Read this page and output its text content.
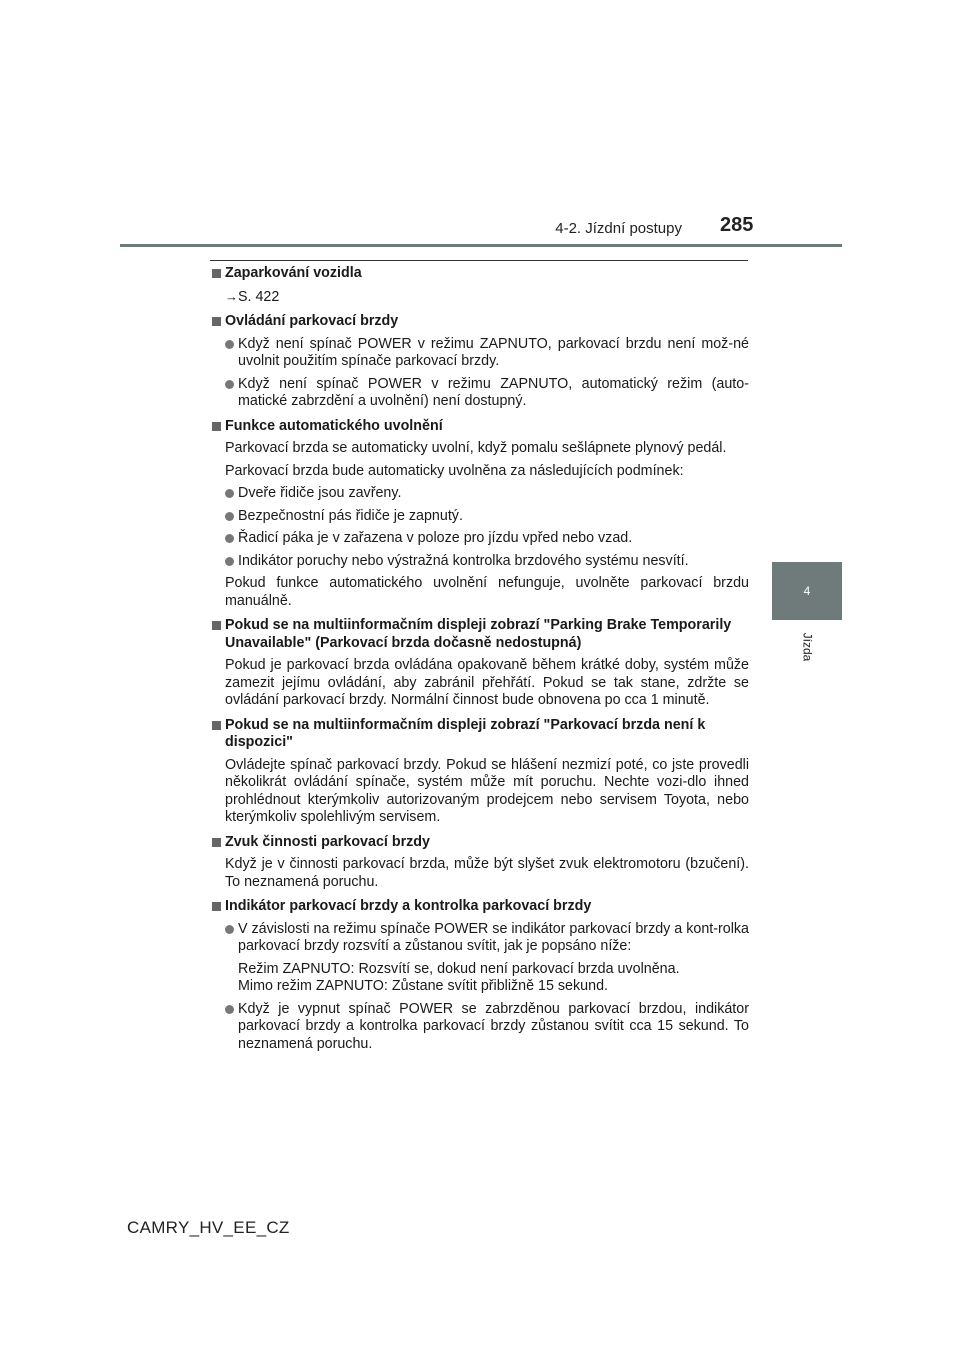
4-2. Jízdní postupy 285
4
Jízda
Zaparkování vozidla
→S. 422
Ovládání parkovací brzdy
Když není spínač POWER v režimu ZAPNUTO, parkovací brzdu není mož-né uvolnit použitím spínače parkovací brzdy.
Když není spínač POWER v režimu ZAPNUTO, automatický režim (auto-matické zabrzdění a uvolnění) není dostupný.
Funkce automatického uvolnění
Parkovací brzda se automaticky uvolní, když pomalu sešlápnete plynový pedál.
Parkovací brzda bude automaticky uvolněna za následujících podmínek:
Dveře řidiče jsou zavřeny.
Bezpečnostní pás řidiče je zapnutý.
Řadicí páka je v zařazena v poloze pro jízdu vpřed nebo vzad.
Indikátor poruchy nebo výstražná kontrolka brzdového systému nesvítí.
Pokud funkce automatického uvolnění nefunguje, uvolněte parkovací brzdu manuálně.
Pokud se na multiinformačním displeji zobrazí "Parking Brake Temporarily Unavailable" (Parkovací brzda dočasně nedostupná)
Pokud je parkovací brzda ovládána opakovaně během krátké doby, systém může zamezit jejímu ovládání, aby zabránil přehřátí. Pokud se tak stane, zdržte se ovládání parkovací brzdy. Normální činnost bude obnovena po cca 1 minutě.
Pokud se na multiinformačním displeji zobrazí "Parkovací brzda není k dispozici"
Ovládejte spínač parkovací brzdy. Pokud se hlášení nezmizí poté, co jste provedli několikrát ovládání spínače, systém může mít poruchu. Nechte vozi-dlo ihned prohlédnout kterýmkoliv autorizovaným prodejcem nebo servisem Toyota, nebo kterýmkoliv spolehlivým servisem.
Zvuk činnosti parkovací brzdy
Když je v činnosti parkovací brzda, může být slyšet zvuk elektromotoru (bzučení). To neznamená poruchu.
Indikátor parkovací brzdy a kontrolka parkovací brzdy
V závislosti na režimu spínače POWER se indikátor parkovací brzdy a kont-rolka parkovací brzdy rozsvítí a zůstanou svítit, jak je popsáno níže:
Režim ZAPNUTO: Rozsvítí se, dokud není parkovací brzda uvolněna.
Mimo režim ZAPNUTO: Zůstane svítit přibližně 15 sekund.
Když je vypnut spínač POWER se zabrzděnou parkovací brzdou, indikátor parkovací brzdy a kontrolka parkovací brzdy zůstanou svítit cca 15 sekund. To neznamená poruchu.
CAMRY_HV_EE_CZ
